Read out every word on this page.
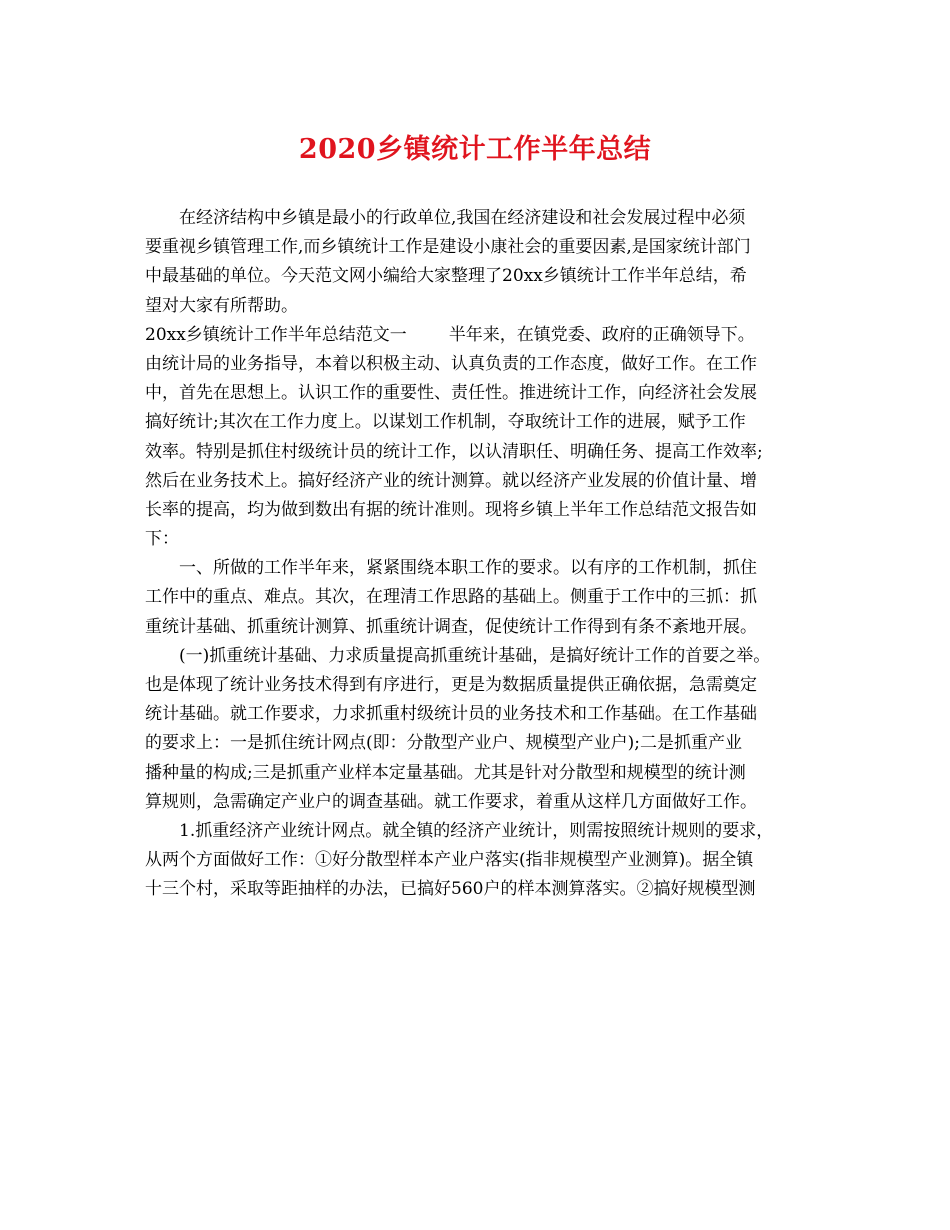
2020乡镇统计工作半年总结
在经济结构中乡镇是最小的行政单位,我国在经济建设和社会发展过程中必须
要重视乡镇管理工作,而乡镇统计工作是建设小康社会的重要因素,是国家统计部门
中最基础的单位。今天范文网小编给大家整理了20xx乡镇统计工作半年总结，希
望对大家有所帮助。
20xx乡镇统计工作半年总结范文一 半年来，在镇党委、政府的正确领导下。
由统计局的业务指导，本着以积极主动、认真负责的工作态度，做好工作。在工作
中，首先在思想上。认识工作的重要性、责任性。推进统计工作，向经济社会发展
搞好统计;其次在工作力度上。以谋划工作机制，夺取统计工作的进展，赋予工作
效率。特别是抓住村级统计员的统计工作，以认清职任、明确任务、提高工作效率;
然后在业务技术上。搞好经济产业的统计测算。就以经济产业发展的价值计量、增
长率的提高，均为做到数出有据的统计准则。现将乡镇上半年工作总结范文报告如
下：
一、所做的工作半年来，紧紧围绕本职工作的要求。以有序的工作机制，抓住
工作中的重点、难点。其次，在理清工作思路的基础上。侧重于工作中的三抓：抓
重统计基础、抓重统计测算、抓重统计调查，促使统计工作得到有条不紊地开展。
(一)抓重统计基础、力求质量提高抓重统计基础，是搞好统计工作的首要之举。
也是体现了统计业务技术得到有序进行，更是为数据质量提供正确依据，急需奠定
统计基础。就工作要求，力求抓重村级统计员的业务技术和工作基础。在工作基础
的要求上：一是抓住统计网点(即：分散型产业户、规模型产业户);二是抓重产业
播种量的构成;三是抓重产业样本定量基础。尤其是针对分散型和规模型的统计测
算规则，急需确定产业户的调查基础。就工作要求，着重从这样几方面做好工作。
1.抓重经济产业统计网点。就全镇的经济产业统计，则需按照统计规则的要求，
从两个方面做好工作：①好分散型样本产业户落实(指非规模型产业测算)。据全镇
十三个村，采取等距抽样的办法，已搞好560户的样本测算落实。②搞好规模型测
